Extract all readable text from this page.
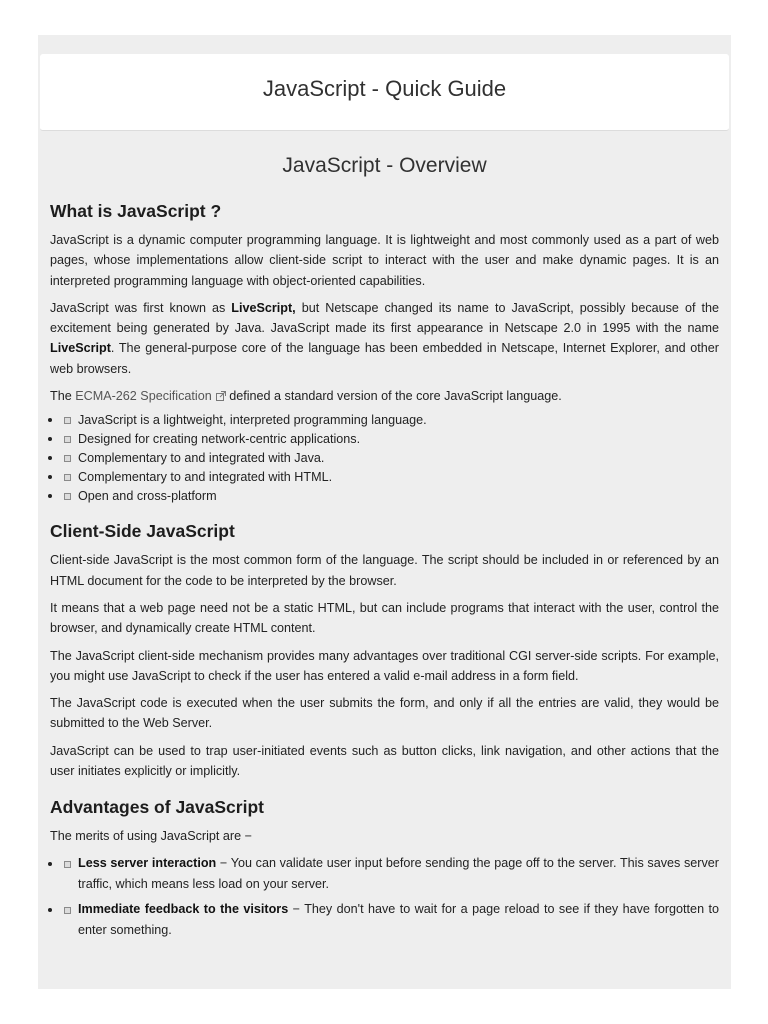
JavaScript - Quick Guide
JavaScript - Overview
What is JavaScript ?

JavaScript is a dynamic computer programming language. It is lightweight and most commonly used as a part of web pages, whose implementations allow client-side script to interact with the user and make dynamic pages. It is an interpreted programming language with object-oriented capabilities.

JavaScript was first known as LiveScript, but Netscape changed its name to JavaScript, possibly because of the excitement being generated by Java. JavaScript made its first appearance in Netscape 2.0 in 1995 with the name LiveScript. The general-purpose core of the language has been embedded in Netscape, Internet Explorer, and other web browsers.

The ECMA-262 Specification defined a standard version of the core JavaScript language.

JavaScript is a lightweight, interpreted programming language.
Designed for creating network-centric applications.
Complementary to and integrated with Java.
Complementary to and integrated with HTML.
Open and cross-platform
Client-Side JavaScript

Client-side JavaScript is the most common form of the language. The script should be included in or referenced by an HTML document for the code to be interpreted by the browser.

It means that a web page need not be a static HTML, but can include programs that interact with the user, control the browser, and dynamically create HTML content.

The JavaScript client-side mechanism provides many advantages over traditional CGI server-side scripts. For example, you might use JavaScript to check if the user has entered a valid e-mail address in a form field.

The JavaScript code is executed when the user submits the form, and only if all the entries are valid, they would be submitted to the Web Server.

JavaScript can be used to trap user-initiated events such as button clicks, link navigation, and other actions that the user initiates explicitly or implicitly.

Advantages of JavaScript

The merits of using JavaScript are −

Less server interaction − You can validate user input before sending the page off to the server. This saves server traffic, which means less load on your server.
Immediate feedback to the visitors − They don't have to wait for a page reload to see if they have forgotten to enter something.
